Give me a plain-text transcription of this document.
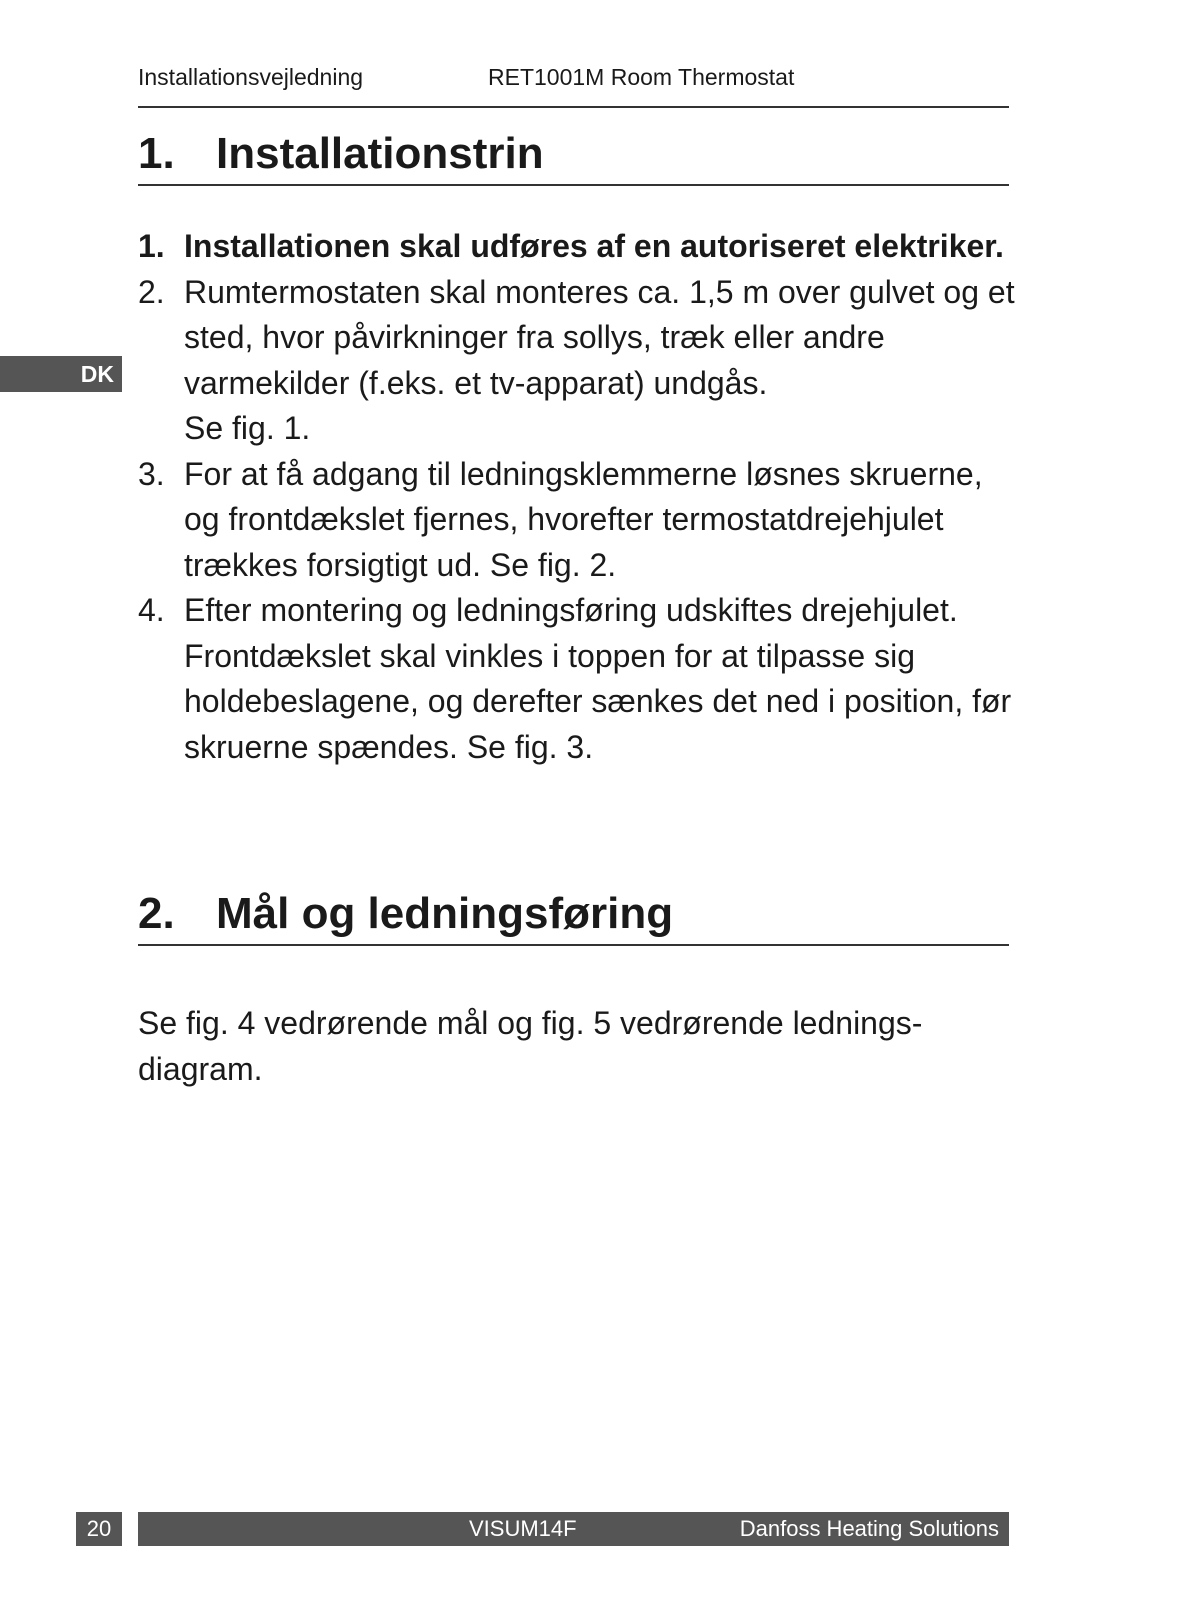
Installationsvejledning	RET1001M Room Thermostat
DK
1. Installationstrin
1. Installationen skal udføres af en autoriseret elektriker.
2. Rumtermostaten skal monteres ca. 1,5 m over gulvet og et sted, hvor påvirkninger fra sollys, træk eller andre varmekilder (f.eks. et tv-apparat) undgås.
Se fig. 1.
3. For at få adgang til ledningsklemmerne løsnes skruerne, og frontdækslet fjernes, hvorefter termostatdrejehjulet trækkes forsigtigt ud. Se fig. 2.
4. Efter montering og ledningsføring udskiftes drejehjulet. Frontdækslet skal vinkles i toppen for at tilpasse sig holdebeslagene, og derefter sænkes det ned i position, før skruerne spændes. Se fig. 3.
2. Mål og ledningsføring
Se fig. 4 vedrørende mål og fig. 5 vedrørende ledningsdiagram.
20	VISUM14F	Danfoss Heating Solutions
